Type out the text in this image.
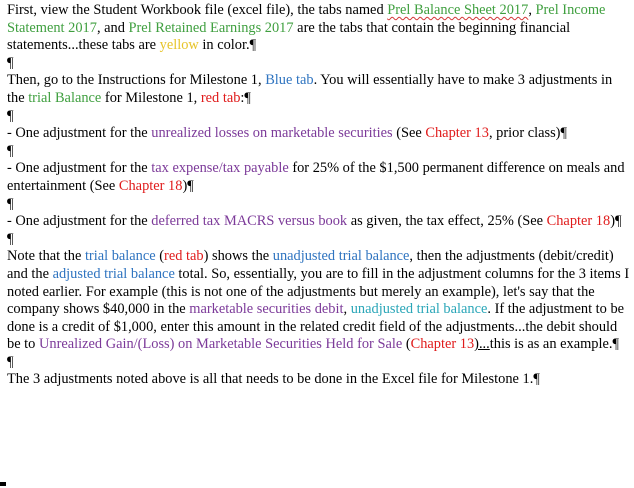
First, view the Student Workbook file (excel file), the tabs named Prel Balance Sheet 2017, Prel Income Statement 2017, and Prel Retained Earnings 2017 are the tabs that contain the beginning financial statements...these tabs are yellow in color.¶

¶

Then, go to the Instructions for Milestone 1, Blue tab. You will essentially have to make 3 adjustments in the trial Balance for Milestone 1, red tab:¶

¶

- One adjustment for the unrealized losses on marketable securities (See Chapter 13, prior class)¶

¶

- One adjustment for the tax expense/tax payable for 25% of the $1,500 permanent difference on meals and entertainment (See Chapter 18)¶

¶

- One adjustment for the deferred tax MACRS versus book as given, the tax effect, 25% (See Chapter 18)¶

¶

Note that the trial balance (red tab) shows the unadjusted trial balance, then the adjustments (debit/credit) and the adjusted trial balance total. So, essentially, you are to fill in the adjustment columns for the 3 items I noted earlier. For example (this is not one of the adjustments but merely an example), let's say that the company shows $40,000 in the marketable securities debit, unadjusted trial balance. If the adjustment to be done is a credit of $1,000, enter this amount in the related credit field of the adjustments...the debit should be to Unrealized Gain/(Loss) on Marketable Securities Held for Sale (Chapter 13)...this is as an example.¶

¶

The 3 adjustments noted above is all that needs to be done in the Excel file for Milestone 1.¶
